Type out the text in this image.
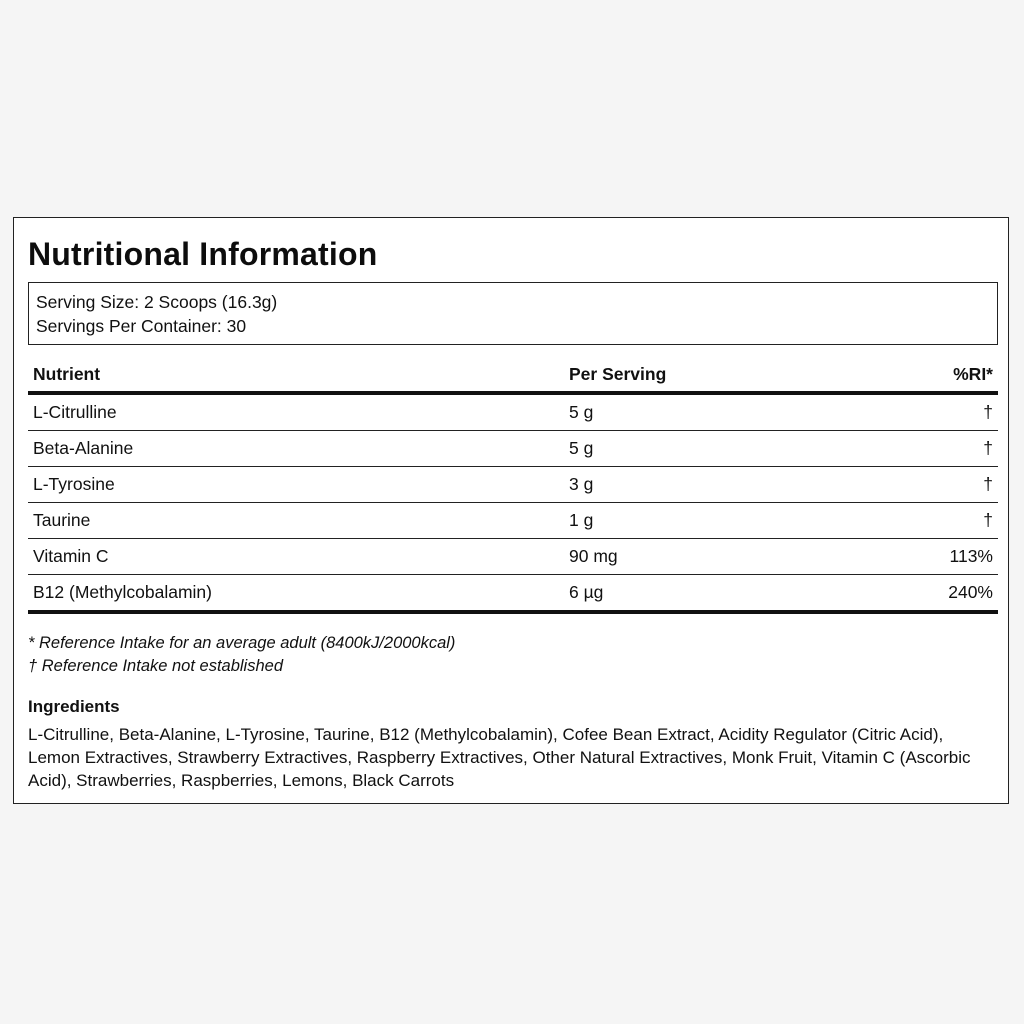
Nutritional Information
Serving Size: 2 Scoops (16.3g)
Servings Per Container: 30
Nutrient	Per Serving	%RI*
L-Citrulline	5 g	†
Beta-Alanine	5 g	†
L-Tyrosine	3 g	†
Taurine	1 g	†
Vitamin C	90 mg	113%
B12 (Methylcobalamin)	6 µg	240%
* Reference Intake for an average adult (8400kJ/2000kcal)
† Reference Intake not established
Ingredients

L-Citrulline, Beta-Alanine, L-Tyrosine, Taurine, B12 (Methylcobalamin), Cofee Bean Extract, Acidity Regulator (Citric Acid), Lemon Extractives, Strawberry Extractives, Raspberry Extractives, Other Natural Extractives, Monk Fruit, Vitamin C (Ascorbic Acid), Strawberries, Raspberries, Lemons, Black Carrots
